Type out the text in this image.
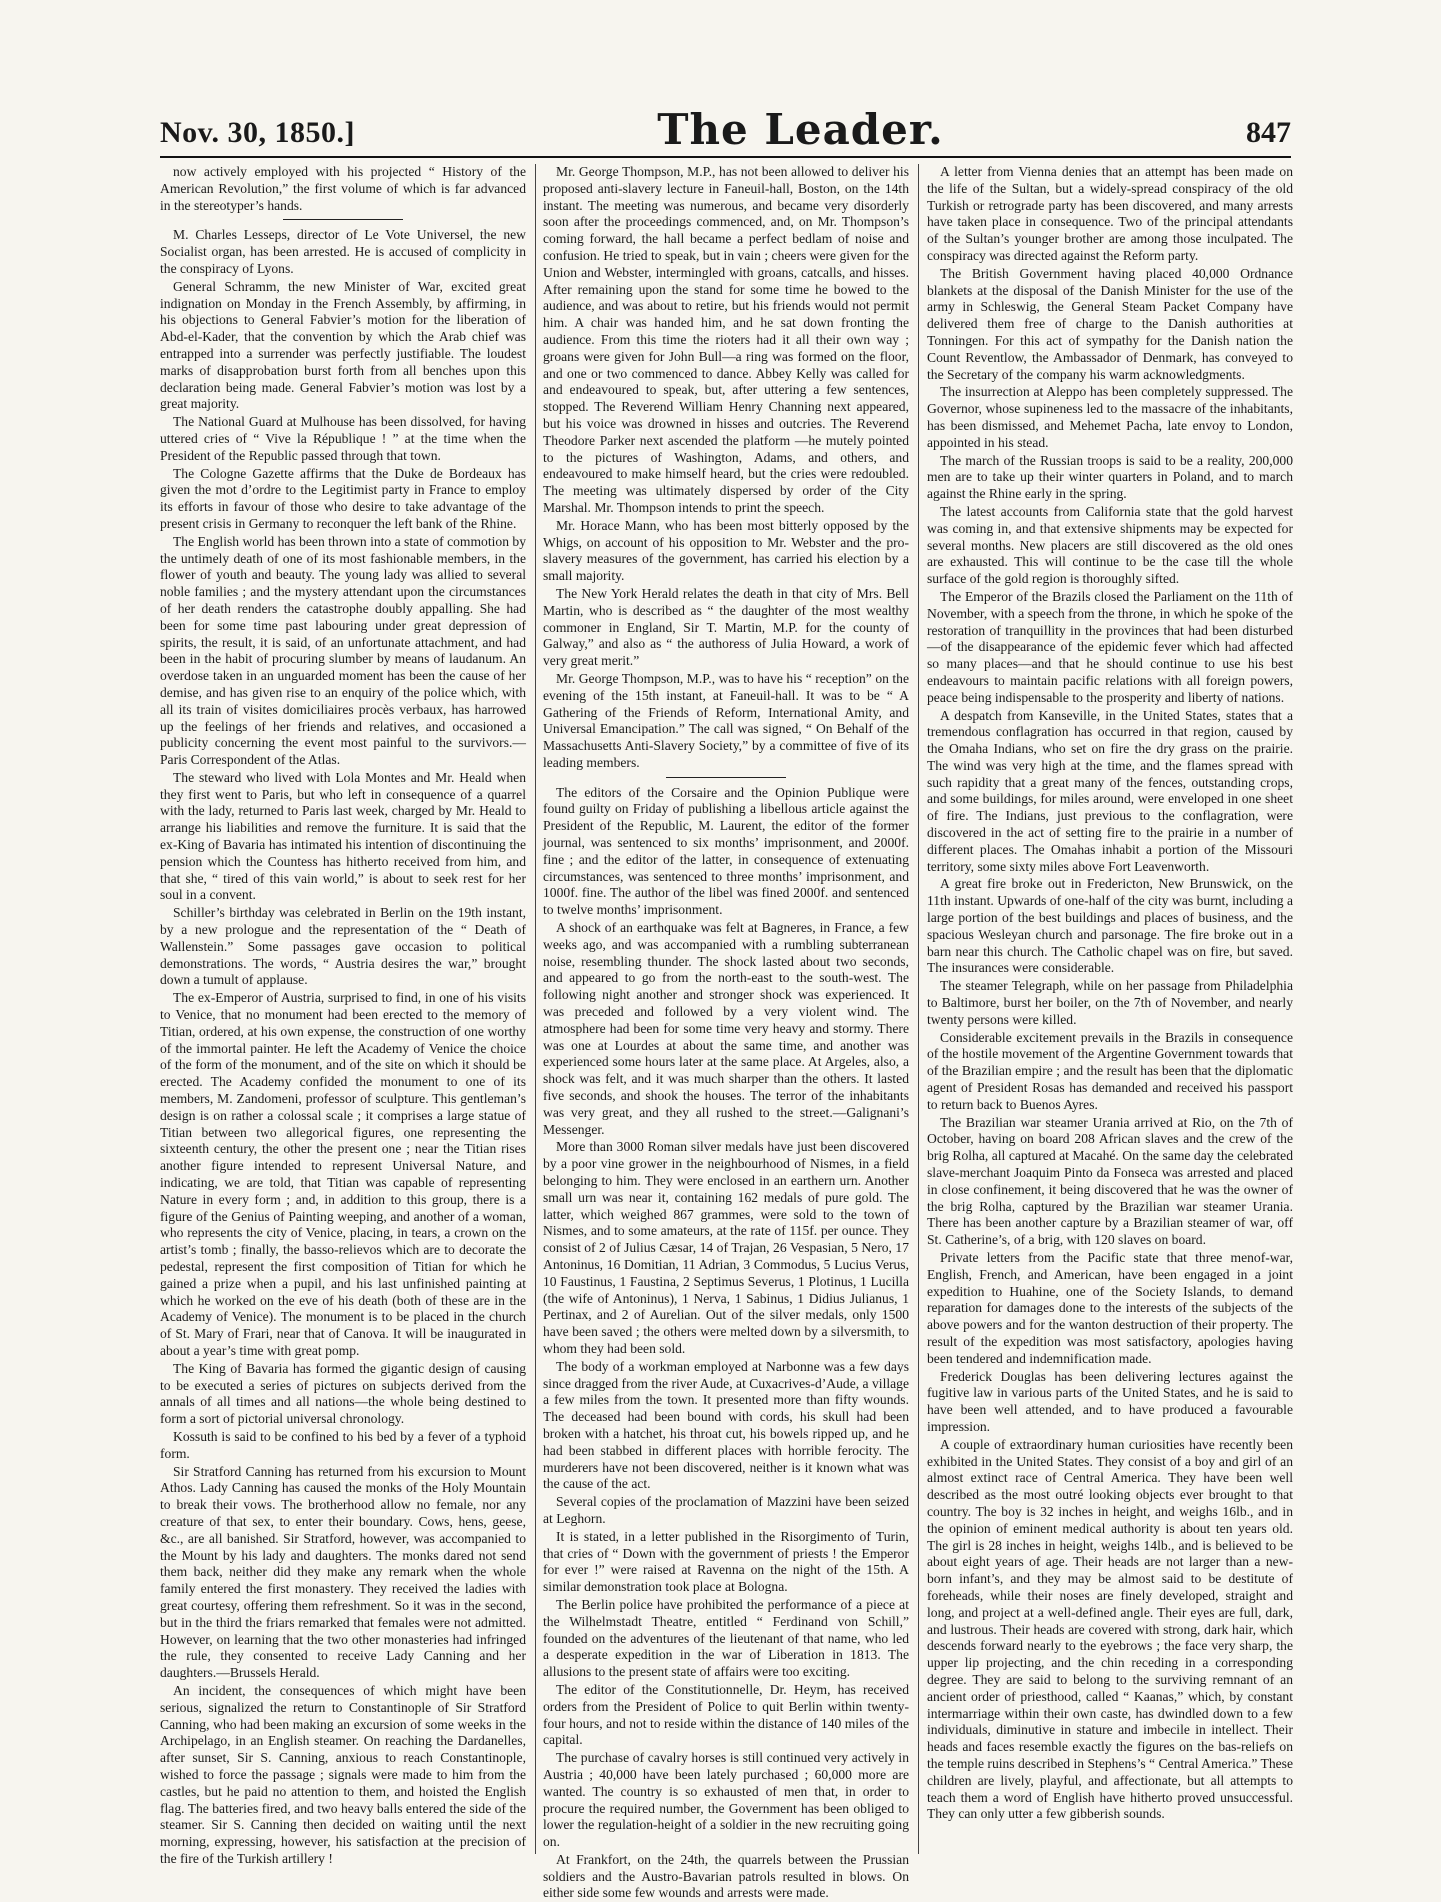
Nov. 30, 1850.]	The Leader.	847

now actively employed with his projected “ History of the American Revolution,” the first volume of which is far advanced in the stereotyper’s hands.

M. Charles Lesseps, director of Le Vote Universel, the new Socialist organ, has been arrested. He is accused of complicity in the conspiracy of Lyons.

General Schramm, the new Minister of War, excited great indignation on Monday in the French Assembly, by affirming, in his objections to General Fabvier’s motion for the liberation of Abd-el-Kader, that the convention by which the Arab chief was entrapped into a surrender was perfectly justifiable. The loudest marks of disapprobation burst forth from all benches upon this declaration being made. General Fabvier’s motion was lost by a great majority.

The National Guard at Mulhouse has been dissolved, for having uttered cries of “ Vive la République ! ” at the time when the President of the Republic passed through that town.

The Cologne Gazette affirms that the Duke de Bordeaux has given the mot d’ordre to the Legitimist party in France to employ its efforts in favour of those who desire to take advantage of the present crisis in Germany to reconquer the left bank of the Rhine.

The English world has been thrown into a state of commotion by the untimely death of one of its most fashionable members, in the flower of youth and beauty. The young lady was allied to several noble families ; and the mystery attendant upon the circumstances of her death renders the catastrophe doubly appalling. She had been for some time past labouring under great depression of spirits, the result, it is said, of an unfortunate attachment, and had been in the habit of procuring slumber by means of laudanum. An overdose taken in an unguarded moment has been the cause of her demise, and has given rise to an enquiry of the police which, with all its train of visites domiciliaires procès verbaux, has harrowed up the feelings of her friends and relatives, and occasioned a publicity concerning the event most painful to the survivors.—Paris Correspondent of the Atlas.

The steward who lived with Lola Montes and Mr. Heald when they first went to Paris, but who left in consequence of a quarrel with the lady, returned to Paris last week, charged by Mr. Heald to arrange his liabilities and remove the furniture. It is said that the ex-King of Bavaria has intimated his intention of discontinuing the pension which the Countess has hitherto received from him, and that she, “ tired of this vain world,” is about to seek rest for her soul in a convent.

Schiller’s birthday was celebrated in Berlin on the 19th instant, by a new prologue and the representation of the “ Death of Wallenstein.” Some passages gave occasion to political demonstrations. The words, “ Austria desires the war,” brought down a tumult of applause.

The ex-Emperor of Austria, surprised to find, in one of his visits to Venice, that no monument had been erected to the memory of Titian, ordered, at his own expense, the construction of one worthy of the immortal painter. He left the Academy of Venice the choice of the form of the monument, and of the site on which it should be erected. The Academy confided the monument to one of its members, M. Zandomeni, professor of sculpture. This gentleman’s design is on rather a colossal scale ; it comprises a large statue of Titian between two allegorical figures, one representing the sixteenth century, the other the present one ; near the Titian rises another figure intended to represent Universal Nature, and indicating, we are told, that Titian was capable of representing Nature in every form ; and, in addition to this group, there is a figure of the Genius of Painting weeping, and another of a woman, who represents the city of Venice, placing, in tears, a crown on the artist’s tomb ; finally, the basso-relievos which are to decorate the pedestal, represent the first composition of Titian for which he gained a prize when a pupil, and his last unfinished painting at which he worked on the eve of his death (both of these are in the Academy of Venice). The monument is to be placed in the church of St. Mary of Frari, near that of Canova. It will be inaugurated in about a year’s time with great pomp.

The King of Bavaria has formed the gigantic design of causing to be executed a series of pictures on subjects derived from the annals of all times and all nations—the whole being destined to form a sort of pictorial universal chronology.

Kossuth is said to be confined to his bed by a fever of a typhoid form.

Sir Stratford Canning has returned from his excursion to Mount Athos. Lady Canning has caused the monks of the Holy Mountain to break their vows. The brotherhood allow no female, nor any creature of that sex, to enter their boundary. Cows, hens, geese, &c., are all banished. Sir Stratford, however, was accompanied to the Mount by his lady and daughters. The monks dared not send them back, neither did they make any remark when the whole family entered the first monastery. They received the ladies with great courtesy, offering them refreshment. So it was in the second, but in the third the friars remarked that females were not admitted. However, on learning that the two other monasteries had infringed the rule, they consented to receive Lady Canning and her daughters.—Brussels Herald.

An incident, the consequences of which might have been serious, signalized the return to Constantinople of Sir Stratford Canning, who had been making an excursion of some weeks in the Archipelago, in an English steamer. On reaching the Dardanelles, after sunset, Sir S. Canning, anxious to reach Constantinople, wished to force the passage ; signals were made to him from the castles, but he paid no attention to them, and hoisted the English flag. The batteries fired, and two heavy balls entered the side of the steamer. Sir S. Canning then decided on waiting until the next morning, expressing, however, his satisfaction at the precision of the fire of the Turkish artillery !

Mr. George Thompson, M.P., has not been allowed to deliver his proposed anti-slavery lecture in Faneuil-hall, Boston, on the 14th instant. The meeting was numerous, and became very disorderly soon after the proceedings commenced, and, on Mr. Thompson’s coming forward, the hall became a perfect bedlam of noise and confusion. He tried to speak, but in vain ; cheers were given for the Union and Webster, intermingled with groans, catcalls, and hisses. After remaining upon the stand for some time he bowed to the audience, and was about to retire, but his friends would not permit him. A chair was handed him, and he sat down fronting the audience. From this time the rioters had it all their own way ; groans were given for John Bull—a ring was formed on the floor, and one or two commenced to dance. Abbey Kelly was called for and endeavoured to speak, but, after uttering a few sentences, stopped. The Reverend William Henry Channing next appeared, but his voice was drowned in hisses and outcries. The Reverend Theodore Parker next ascended the platform —he mutely pointed to the pictures of Washington, Adams, and others, and endeavoured to make himself heard, but the cries were redoubled. The meeting was ultimately dispersed by order of the City Marshal. Mr. Thompson intends to print the speech.

Mr. Horace Mann, who has been most bitterly opposed by the Whigs, on account of his opposition to Mr. Webster and the pro-slavery measures of the government, has carried his election by a small majority.

The New York Herald relates the death in that city of Mrs. Bell Martin, who is described as “ the daughter of the most wealthy commoner in England, Sir T. Martin, M.P. for the county of Galway,” and also as “ the authoress of Julia Howard, a work of very great merit.”

Mr. George Thompson, M.P., was to have his “ reception” on the evening of the 15th instant, at Faneuil-hall. It was to be “ A Gathering of the Friends of Reform, International Amity, and Universal Emancipation.” The call was signed, “ On Behalf of the Massachusetts Anti-Slavery Society,” by a committee of five of its leading members.

The editors of the Corsaire and the Opinion Publique were found guilty on Friday of publishing a libellous article against the President of the Republic, M. Laurent, the editor of the former journal, was sentenced to six months’ imprisonment, and 2000f. fine ; and the editor of the latter, in consequence of extenuating circumstances, was sentenced to three months’ imprisonment, and 1000f. fine. The author of the libel was fined 2000f. and sentenced to twelve months’ imprisonment.

A shock of an earthquake was felt at Bagneres, in France, a few weeks ago, and was accompanied with a rumbling subterranean noise, resembling thunder. The shock lasted about two seconds, and appeared to go from the north-east to the south-west. The following night another and stronger shock was experienced. It was preceded and followed by a very violent wind. The atmosphere had been for some time very heavy and stormy. There was one at Lourdes at about the same time, and another was experienced some hours later at the same place. At Argeles, also, a shock was felt, and it was much sharper than the others. It lasted five seconds, and shook the houses. The terror of the inhabitants was very great, and they all rushed to the street.—Galignani’s Messenger.

More than 3000 Roman silver medals have just been discovered by a poor vine grower in the neighbourhood of Nismes, in a field belonging to him. They were enclosed in an earthern urn. Another small urn was near it, containing 162 medals of pure gold. The latter, which weighed 867 grammes, were sold to the town of Nismes, and to some amateurs, at the rate of 115f. per ounce. They consist of 2 of Julius Cæsar, 14 of Trajan, 26 Vespasian, 5 Nero, 17 Antoninus, 16 Domitian, 11 Adrian, 3 Commodus, 5 Lucius Verus, 10 Faustinus, 1 Faustina, 2 Septimus Severus, 1 Plotinus, 1 Lucilla (the wife of Antoninus), 1 Nerva, 1 Sabinus, 1 Didius Julianus, 1 Pertinax, and 2 of Aurelian. Out of the silver medals, only 1500 have been saved ; the others were melted down by a silversmith, to whom they had been sold.

The body of a workman employed at Narbonne was a few days since dragged from the river Aude, at Cuxacrives-d’Aude, a village a few miles from the town. It presented more than fifty wounds. The deceased had been bound with cords, his skull had been broken with a hatchet, his throat cut, his bowels ripped up, and he had been stabbed in different places with horrible ferocity. The murderers have not been discovered, neither is it known what was the cause of the act.

Several copies of the proclamation of Mazzini have been seized at Leghorn.

It is stated, in a letter published in the Risorgimento of Turin, that cries of “ Down with the government of priests ! the Emperor for ever !” were raised at Ravenna on the night of the 15th. A similar demonstration took place at Bologna.

The Berlin police have prohibited the performance of a piece at the Wilhelmstadt Theatre, entitled “ Ferdinand von Schill,” founded on the adventures of the lieutenant of that name, who led a desperate expedition in the war of Liberation in 1813. The allusions to the present state of affairs were too exciting.

The editor of the Constitutionnelle, Dr. Heym, has received orders from the President of Police to quit Berlin within twenty-four hours, and not to reside within the distance of 140 miles of the capital.

The purchase of cavalry horses is still continued very actively in Austria ; 40,000 have been lately purchased ; 60,000 more are wanted. The country is so exhausted of men that, in order to procure the required number, the Government has been obliged to lower the regulation-height of a soldier in the new recruiting going on.

At Frankfort, on the 24th, the quarrels between the Prussian soldiers and the Austro-Bavarian patrols resulted in blows. On either side some few wounds and arrests were made.

A letter from Vienna denies that an attempt has been made on the life of the Sultan, but a widely-spread conspiracy of the old Turkish or retrograde party has been discovered, and many arrests have taken place in consequence. Two of the principal attendants of the Sultan’s younger brother are among those inculpated. The conspiracy was directed against the Reform party.

The British Government having placed 40,000 Ordnance blankets at the disposal of the Danish Minister for the use of the army in Schleswig, the General Steam Packet Company have delivered them free of charge to the Danish authorities at Tonningen. For this act of sympathy for the Danish nation the Count Reventlow, the Ambassador of Denmark, has conveyed to the Secretary of the company his warm acknowledgments.

The insurrection at Aleppo has been completely suppressed. The Governor, whose supineness led to the massacre of the inhabitants, has been dismissed, and Mehemet Pacha, late envoy to London, appointed in his stead.

The march of the Russian troops is said to be a reality, 200,000 men are to take up their winter quarters in Poland, and to march against the Rhine early in the spring.

The latest accounts from California state that the gold harvest was coming in, and that extensive shipments may be expected for several months. New placers are still discovered as the old ones are exhausted. This will continue to be the case till the whole surface of the gold region is thoroughly sifted.

The Emperor of the Brazils closed the Parliament on the 11th of November, with a speech from the throne, in which he spoke of the restoration of tranquillity in the provinces that had been disturbed—of the disappearance of the epidemic fever which had affected so many places—and that he should continue to use his best endeavours to maintain pacific relations with all foreign powers, peace being indispensable to the prosperity and liberty of nations.

A despatch from Kanseville, in the United States, states that a tremendous conflagration has occurred in that region, caused by the Omaha Indians, who set on fire the dry grass on the prairie. The wind was very high at the time, and the flames spread with such rapidity that a great many of the fences, outstanding crops, and some buildings, for miles around, were enveloped in one sheet of fire. The Indians, just previous to the conflagration, were discovered in the act of setting fire to the prairie in a number of different places. The Omahas inhabit a portion of the Missouri territory, some sixty miles above Fort Leavenworth.

A great fire broke out in Fredericton, New Brunswick, on the 11th instant. Upwards of one-half of the city was burnt, including a large portion of the best buildings and places of business, and the spacious Wesleyan church and parsonage. The fire broke out in a barn near this church. The Catholic chapel was on fire, but saved. The insurances were considerable.

The steamer Telegraph, while on her passage from Philadelphia to Baltimore, burst her boiler, on the 7th of November, and nearly twenty persons were killed.

Considerable excitement prevails in the Brazils in consequence of the hostile movement of the Argentine Government towards that of the Brazilian empire ; and the result has been that the diplomatic agent of President Rosas has demanded and received his passport to return back to Buenos Ayres.

The Brazilian war steamer Urania arrived at Rio, on the 7th of October, having on board 208 African slaves and the crew of the brig Rolha, all captured at Macahé. On the same day the celebrated slave-merchant Joaquim Pinto da Fonseca was arrested and placed in close confinement, it being discovered that he was the owner of the brig Rolha, captured by the Brazilian war steamer Urania. There has been another capture by a Brazilian steamer of war, off St. Catherine’s, of a brig, with 120 slaves on board.

Private letters from the Pacific state that three menof-war, English, French, and American, have been engaged in a joint expedition to Huahine, one of the Society Islands, to demand reparation for damages done to the interests of the subjects of the above powers and for the wanton destruction of their property. The result of the expedition was most satisfactory, apologies having been tendered and indemnification made.

Frederick Douglas has been delivering lectures against the fugitive law in various parts of the United States, and he is said to have been well attended, and to have produced a favourable impression.

A couple of extraordinary human curiosities have recently been exhibited in the United States. They consist of a boy and girl of an almost extinct race of Central America. They have been well described as the most outré looking objects ever brought to that country. The boy is 32 inches in height, and weighs 16lb., and in the opinion of eminent medical authority is about ten years old. The girl is 28 inches in height, weighs 14lb., and is believed to be about eight years of age. Their heads are not larger than a new-born infant’s, and they may be almost said to be destitute of foreheads, while their noses are finely developed, straight and long, and project at a well-defined angle. Their eyes are full, dark, and lustrous. Their heads are covered with strong, dark hair, which descends forward nearly to the eyebrows ; the face very sharp, the upper lip projecting, and the chin receding in a corresponding degree. They are said to belong to the surviving remnant of an ancient order of priesthood, called “ Kaanas,” which, by constant intermarriage within their own caste, has dwindled down to a few individuals, diminutive in stature and imbecile in intellect. Their heads and faces resemble exactly the figures on the bas-reliefs on the temple ruins described in Stephens’s “ Central America.” These children are lively, playful, and affectionate, but all attempts to teach them a word of English have hitherto proved unsuccessful. They can only utter a few gibberish sounds.
